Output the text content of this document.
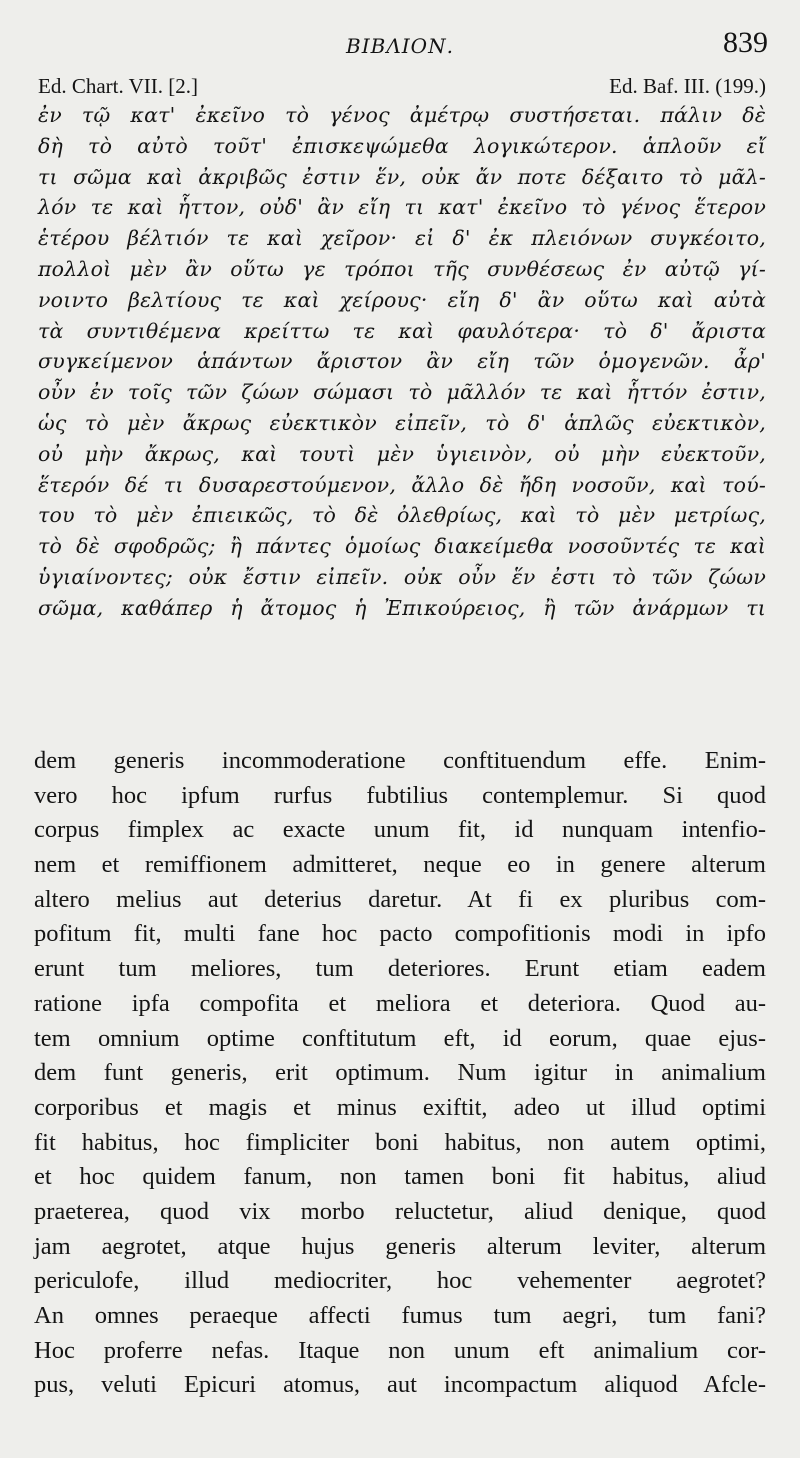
BIBΛΙΟΝ.	839
Ed. Chart. VII. [2.]	Ed. Baf. III. (199.)
ἐν τῷ κατ' ἐκεῖνο τὸ γένος ἀμέτρῳ συστήσεται. πάλιν δὲ
δὴ τὸ αὐτὸ τοῦτ' ἐπισκεψώμεθα λογικώτερον. ἁπλοῦν εἴ
τι σῶμα καὶ ἀκριβῶς ἐστιν ἕν, οὐκ ἄν ποτε δέξαιτο τὸ μᾶλ-
λόν τε καὶ ἧττον, οὐδ' ἂν εἴη τι κατ' ἐκεῖνο τὸ γένος ἕτερον
ἑτέρου βέλτιόν τε καὶ χεῖρον· εἰ δ' ἐκ πλειόνων συγκέοιτο,
πολλοὶ μὲν ἂν οὕτω γε τρόποι τῆς συνθέσεως ἐν αὐτῷ γί-
νοιντο βελτίους τε καὶ χείρους· εἴη δ' ἂν οὕτω καὶ αὐτὰ
τὰ συντιθέμενα κρείττω τε καὶ φαυλότερα· τὸ δ' ἄριστα
συγκείμενον ἁπάντων ἄριστον ἂν εἴη τῶν ὁμογενῶν. ἆρ'
οὖν ἐν τοῖς τῶν ζώων σώμασι τὸ μᾶλλόν τε καὶ ἧττόν ἐστιν,
ὡς τὸ μὲν ἄκρως εὐεκτικὸν εἰπεῖν, τὸ δ' ἁπλῶς εὐεκτικὸν,
οὐ μὴν ἄκρως, καὶ τουτὶ μὲν ὑγιεινὸν, οὐ μὴν εὐεκτοῦν,
ἕτερόν δέ τι δυσαρεστούμενον, ἄλλο δὲ ἤδη νοσοῦν, καὶ τού-
του τὸ μὲν ἐπιεικῶς, τὸ δὲ ὀλεθρίως, καὶ τὸ μὲν μετρίως,
τὸ δὲ σφοδρῶς; ἢ πάντες ὁμοίως διακείμεθα νοσοῦντές τε καὶ
ὑγιαίνοντες; οὐκ ἔστιν εἰπεῖν. οὐκ οὖν ἕν ἐστι τὸ τῶν ζώων
σῶμα, καθάπερ ἡ ἄτομος ἡ Ἐπικούρειος, ἢ τῶν ἀνάρμων τι
dem generis incommoderatione conftituendum effe. Enim-
vero hoc ipfum rurfus fubtilius contemplemur. Si quod
corpus fimplex ac exacte unum fit, id nunquam intenfio-
nem et remiffionem admitteret, neque eo in genere alterum
altero melius aut deterius daretur. At fi ex pluribus com-
pofitum fit, multi fane hoc pacto compofitionis modi in ipfo
erunt tum meliores, tum deteriores. Erunt etiam eadem
ratione ipfa compofita et meliora et deteriora. Quod au-
tem omnium optime conftitutum eft, id eorum, quae ejus-
dem funt generis, erit optimum. Num igitur in animalium
corporibus et magis et minus exiftit, adeo ut illud optimi
fit habitus, hoc fimpliciter boni habitus, non autem optimi,
et hoc quidem fanum, non tamen boni fit habitus, aliud
praeterea, quod vix morbo reluctetur, aliud denique, quod
jam aegrotet, atque hujus generis alterum leviter, alterum
periculofe, illud mediocriter, hoc vehementer aegrotet?
An omnes peraeque affecti fumus tum aegri, tum fani?
Hoc proferre nefas. Itaque non unum eft animalium cor-
pus, veluti Epicuri atomus, aut incompactum aliquod Afcle-
